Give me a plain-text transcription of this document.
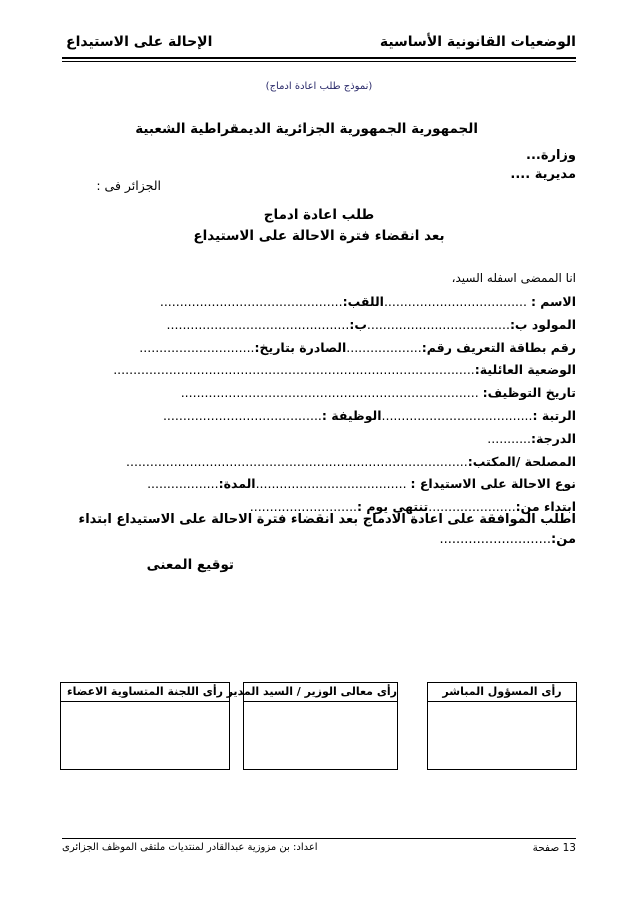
الوضعيات القانونية الأساسية
الإحالة على الاستيداع
(نموذج طلب اعادة ادماج)
الجمهورية الجمهورية الجزائرية الديمقراطية الشعبية
وزارة...
مديرية ....
الجزائر فى :
طلب اعادة ادماج
بعد انقضاء فترة الاحالة على الاستيداع
انا الممضى اسفله السيد،
الاسم : ....................................اللقب:..............................................
المولود ب:....................................ب:..............................................
رقم بطاقة التعريف رقم:...................الصادرة بتاريخ:.............................
الوضعية العائلية:...........................................................................................
تاريخ التوظيف: ...........................................................................
الرتبة :......................................الوظيفة :........................................
الدرجة:...........
المصلحة /المكتب:......................................................................................
نوع الاحالة على الاستيداع : ......................................المدة:..................
ابتداء من:......................تنتهى يوم :...........................
اطلب الموافقة على اعادة الادماج بعد انقضاء فترة الاحالة على الاستيداع ابتداء
من:...........................
توقيع المعنى
رأى المسؤول المباشر
رأى معالى الوزير / السيد المدير
رأى اللجنة المتساوية الاعضاء
13 صفحة
اعداد: بن مزوزية عبدالقادر لمنتديات ملتقى الموظف الجزائرى
